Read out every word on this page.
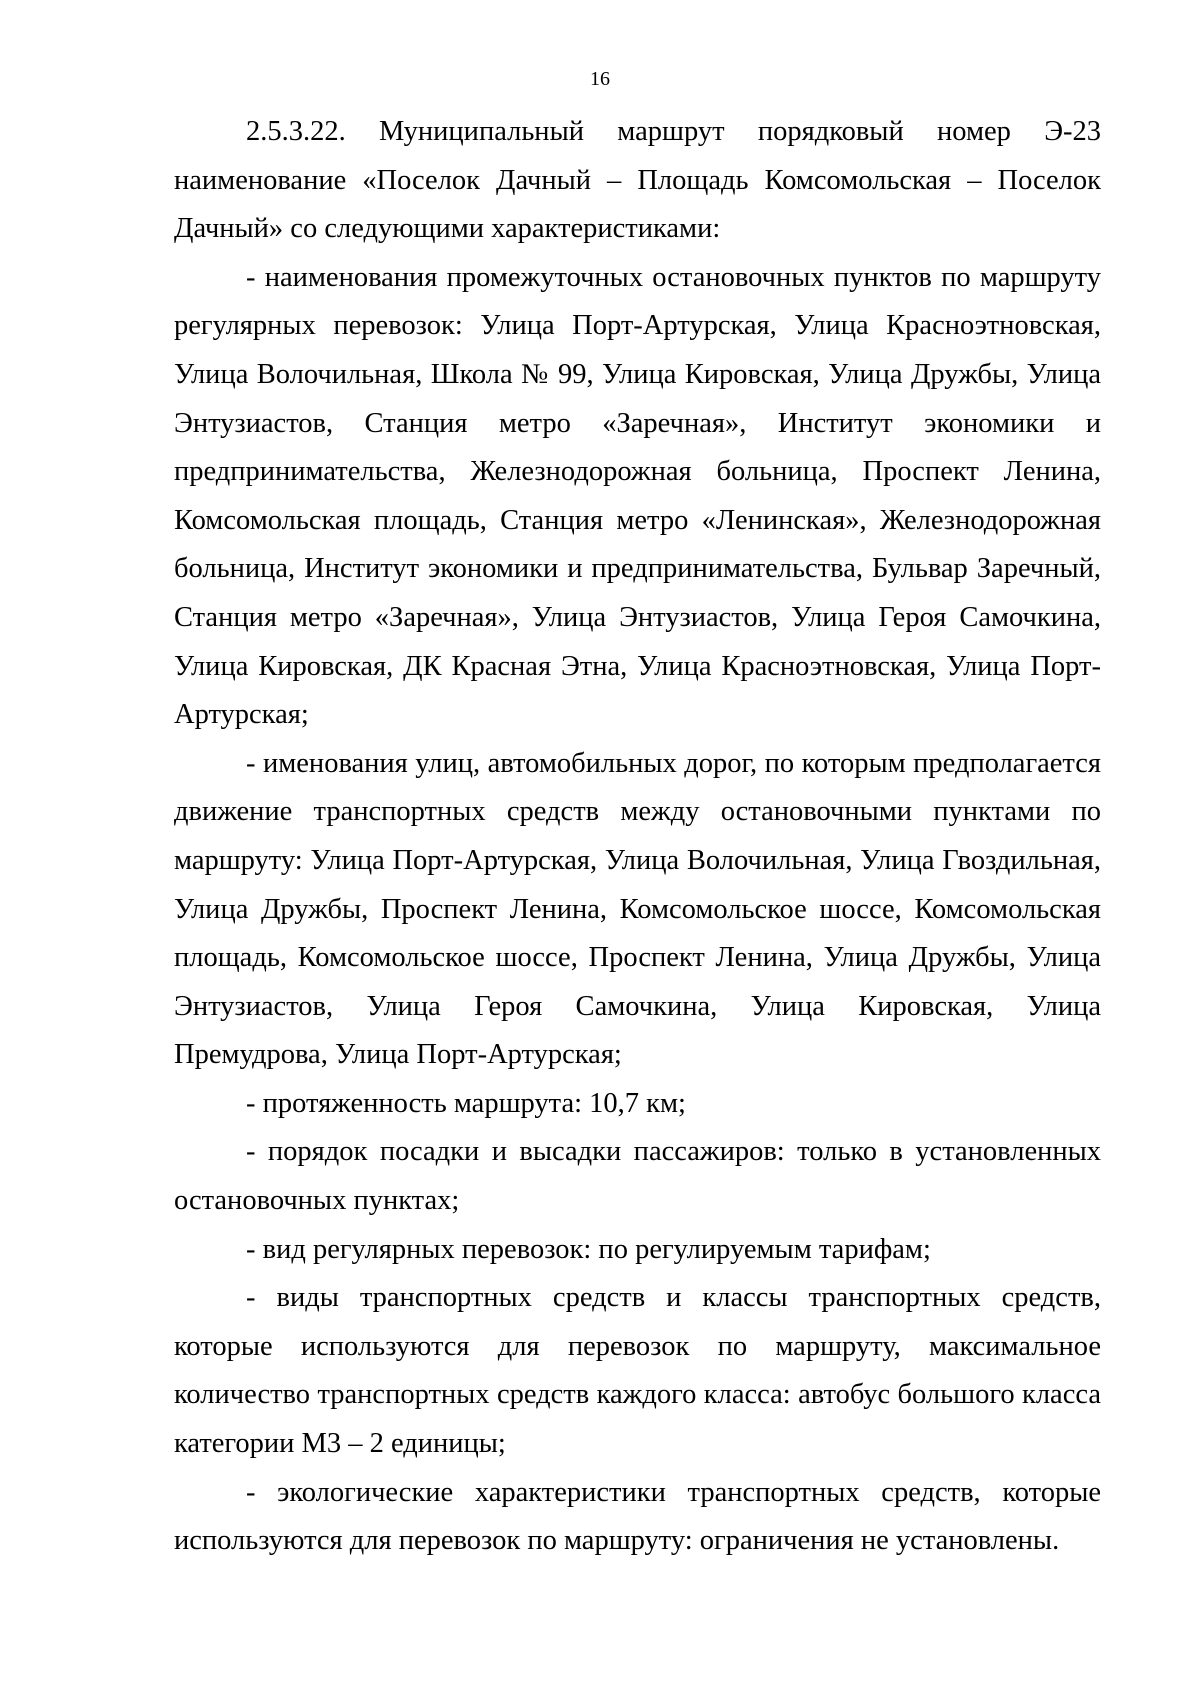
16

2.5.3.22. Муниципальный маршрут порядковый номер Э-23 наименование «Поселок Дачный – Площадь Комсомольская – Поселок Дачный» со следующими характеристиками:

- наименования промежуточных остановочных пунктов по маршруту регулярных перевозок: Улица Порт-Артурская, Улица Красноэтновская, Улица Волочильная, Школа № 99, Улица Кировская, Улица Дружбы, Улица Энтузиастов, Станция метро «Заречная», Институт экономики и предпринимательства, Железнодорожная больница, Проспект Ленина, Комсомольская площадь, Станция метро «Ленинская», Железнодорожная больница, Институт экономики и предпринимательства, Бульвар Заречный, Станция метро «Заречная», Улица Энтузиастов, Улица Героя Самочкина, Улица Кировская, ДК Красная Этна, Улица Красноэтновская, Улица Порт-Артурская;

- именования улиц, автомобильных дорог, по которым предполагается движение транспортных средств между остановочными пунктами по маршруту: Улица Порт-Артурская, Улица Волочильная, Улица Гвоздильная, Улица Дружбы, Проспект Ленина, Комсомольское шоссе, Комсомольская площадь, Комсомольское шоссе, Проспект Ленина, Улица Дружбы, Улица Энтузиастов, Улица Героя Самочкина, Улица Кировская, Улица Премудрова, Улица Порт-Артурская;

- протяженность маршрута: 10,7 км;

- порядок посадки и высадки пассажиров: только в установленных остановочных пунктах;

- вид регулярных перевозок: по регулируемым тарифам;

- виды транспортных средств и классы транспортных средств, которые используются для перевозок по маршруту, максимальное количество транспортных средств каждого класса: автобус большого класса категории М3 – 2 единицы;

- экологические характеристики транспортных средств, которые используются для перевозок по маршруту: ограничения не установлены.
